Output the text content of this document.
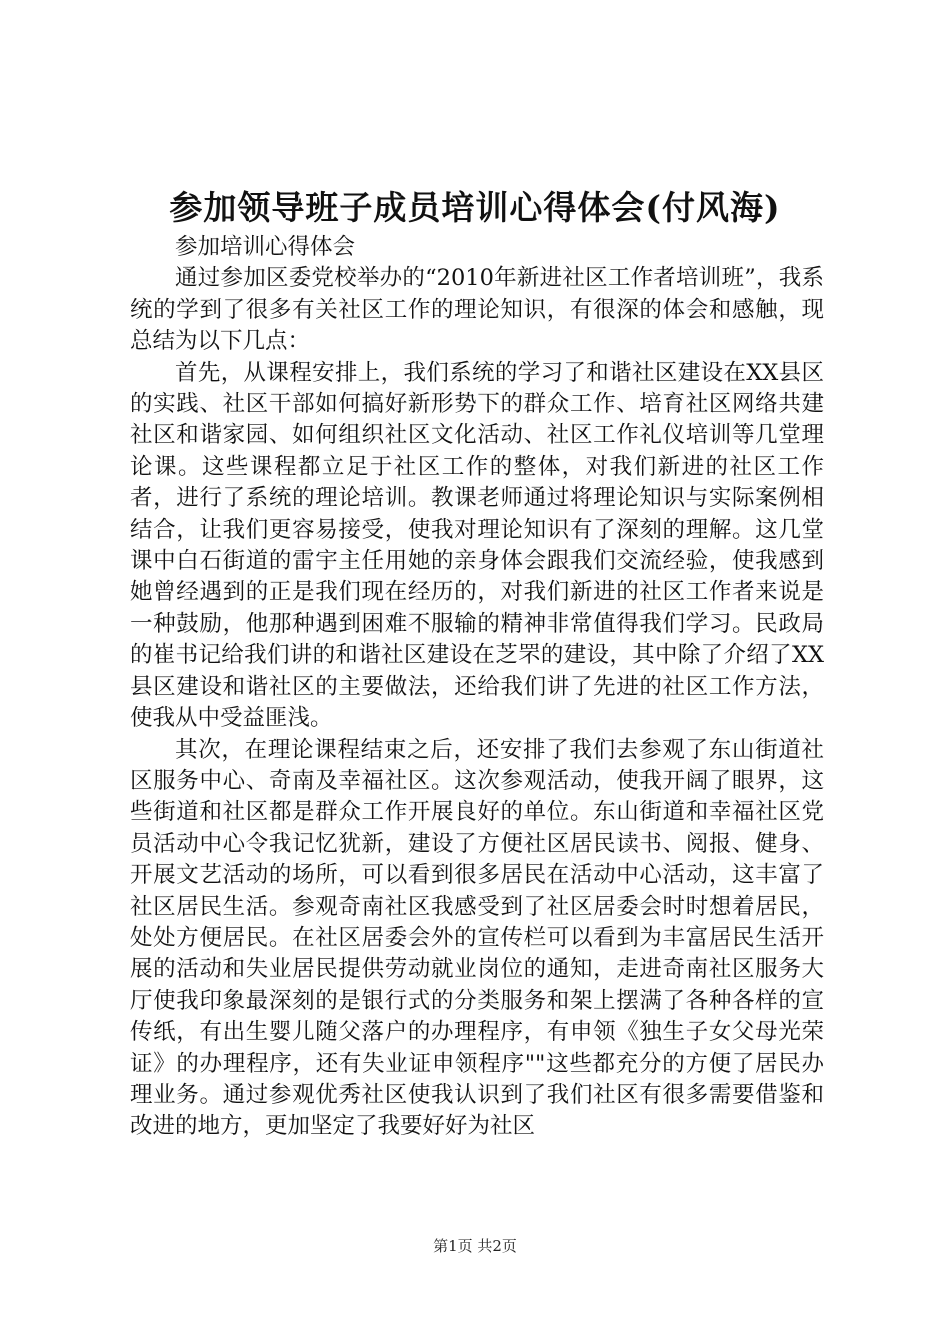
参加领导班子成员培训心得体会(付风海)

参加培训心得体会

通过参加区委党校举办的“2010年新进社区工作者培训班”，我系统的学到了很多有关社区工作的理论知识，有很深的体会和感触，现总结为以下几点：

首先，从课程安排上，我们系统的学习了和谐社区建设在XX县区的实践、社区干部如何搞好新形势下的群众工作、培育社区网络共建社区和谐家园、如何组织社区文化活动、社区工作礼仪培训等几堂理论课。这些课程都立足于社区工作的整体，对我们新进的社区工作者，进行了系统的理论培训。教课老师通过将理论知识与实际案例相结合，让我们更容易接受，使我对理论知识有了深刻的理解。这几堂课中白石街道的雷宇主任用她的亲身体会跟我们交流经验，使我感到她曾经遇到的正是我们现在经历的，对我们新进的社区工作者来说是一种鼓励，他那种遇到困难不服输的精神非常值得我们学习。民政局的崔书记给我们讲的和谐社区建设在芝罘的建设，其中除了介绍了XX县区建设和谐社区的主要做法，还给我们讲了先进的社区工作方法，使我从中受益匪浅。

其次，在理论课程结束之后，还安排了我们去参观了东山街道社区服务中心、奇南及幸福社区。这次参观活动，使我开阔了眼界，这些街道和社区都是群众工作开展良好的单位。东山街道和幸福社区党员活动中心令我记忆犹新，建设了方便社区居民读书、阅报、健身、开展文艺活动的场所，可以看到很多居民在活动中心活动，这丰富了社区居民生活。参观奇南社区我感受到了社区居委会时时想着居民，处处方便居民。在社区居委会外的宣传栏可以看到为丰富居民生活开展的活动和失业居民提供劳动就业岗位的通知，走进奇南社区服务大厅使我印象最深刻的是银行式的分类服务和架上摆满了各种各样的宣传纸，有出生婴儿随父落户的办理程序，有申领《独生子女父母光荣证》的办理程序，还有失业证申领程序""这些都充分的方便了居民办理业务。通过参观优秀社区使我认识到了我们社区有很多需要借鉴和改进的地方，更加坚定了我要好好为社区

第1页 共2页
